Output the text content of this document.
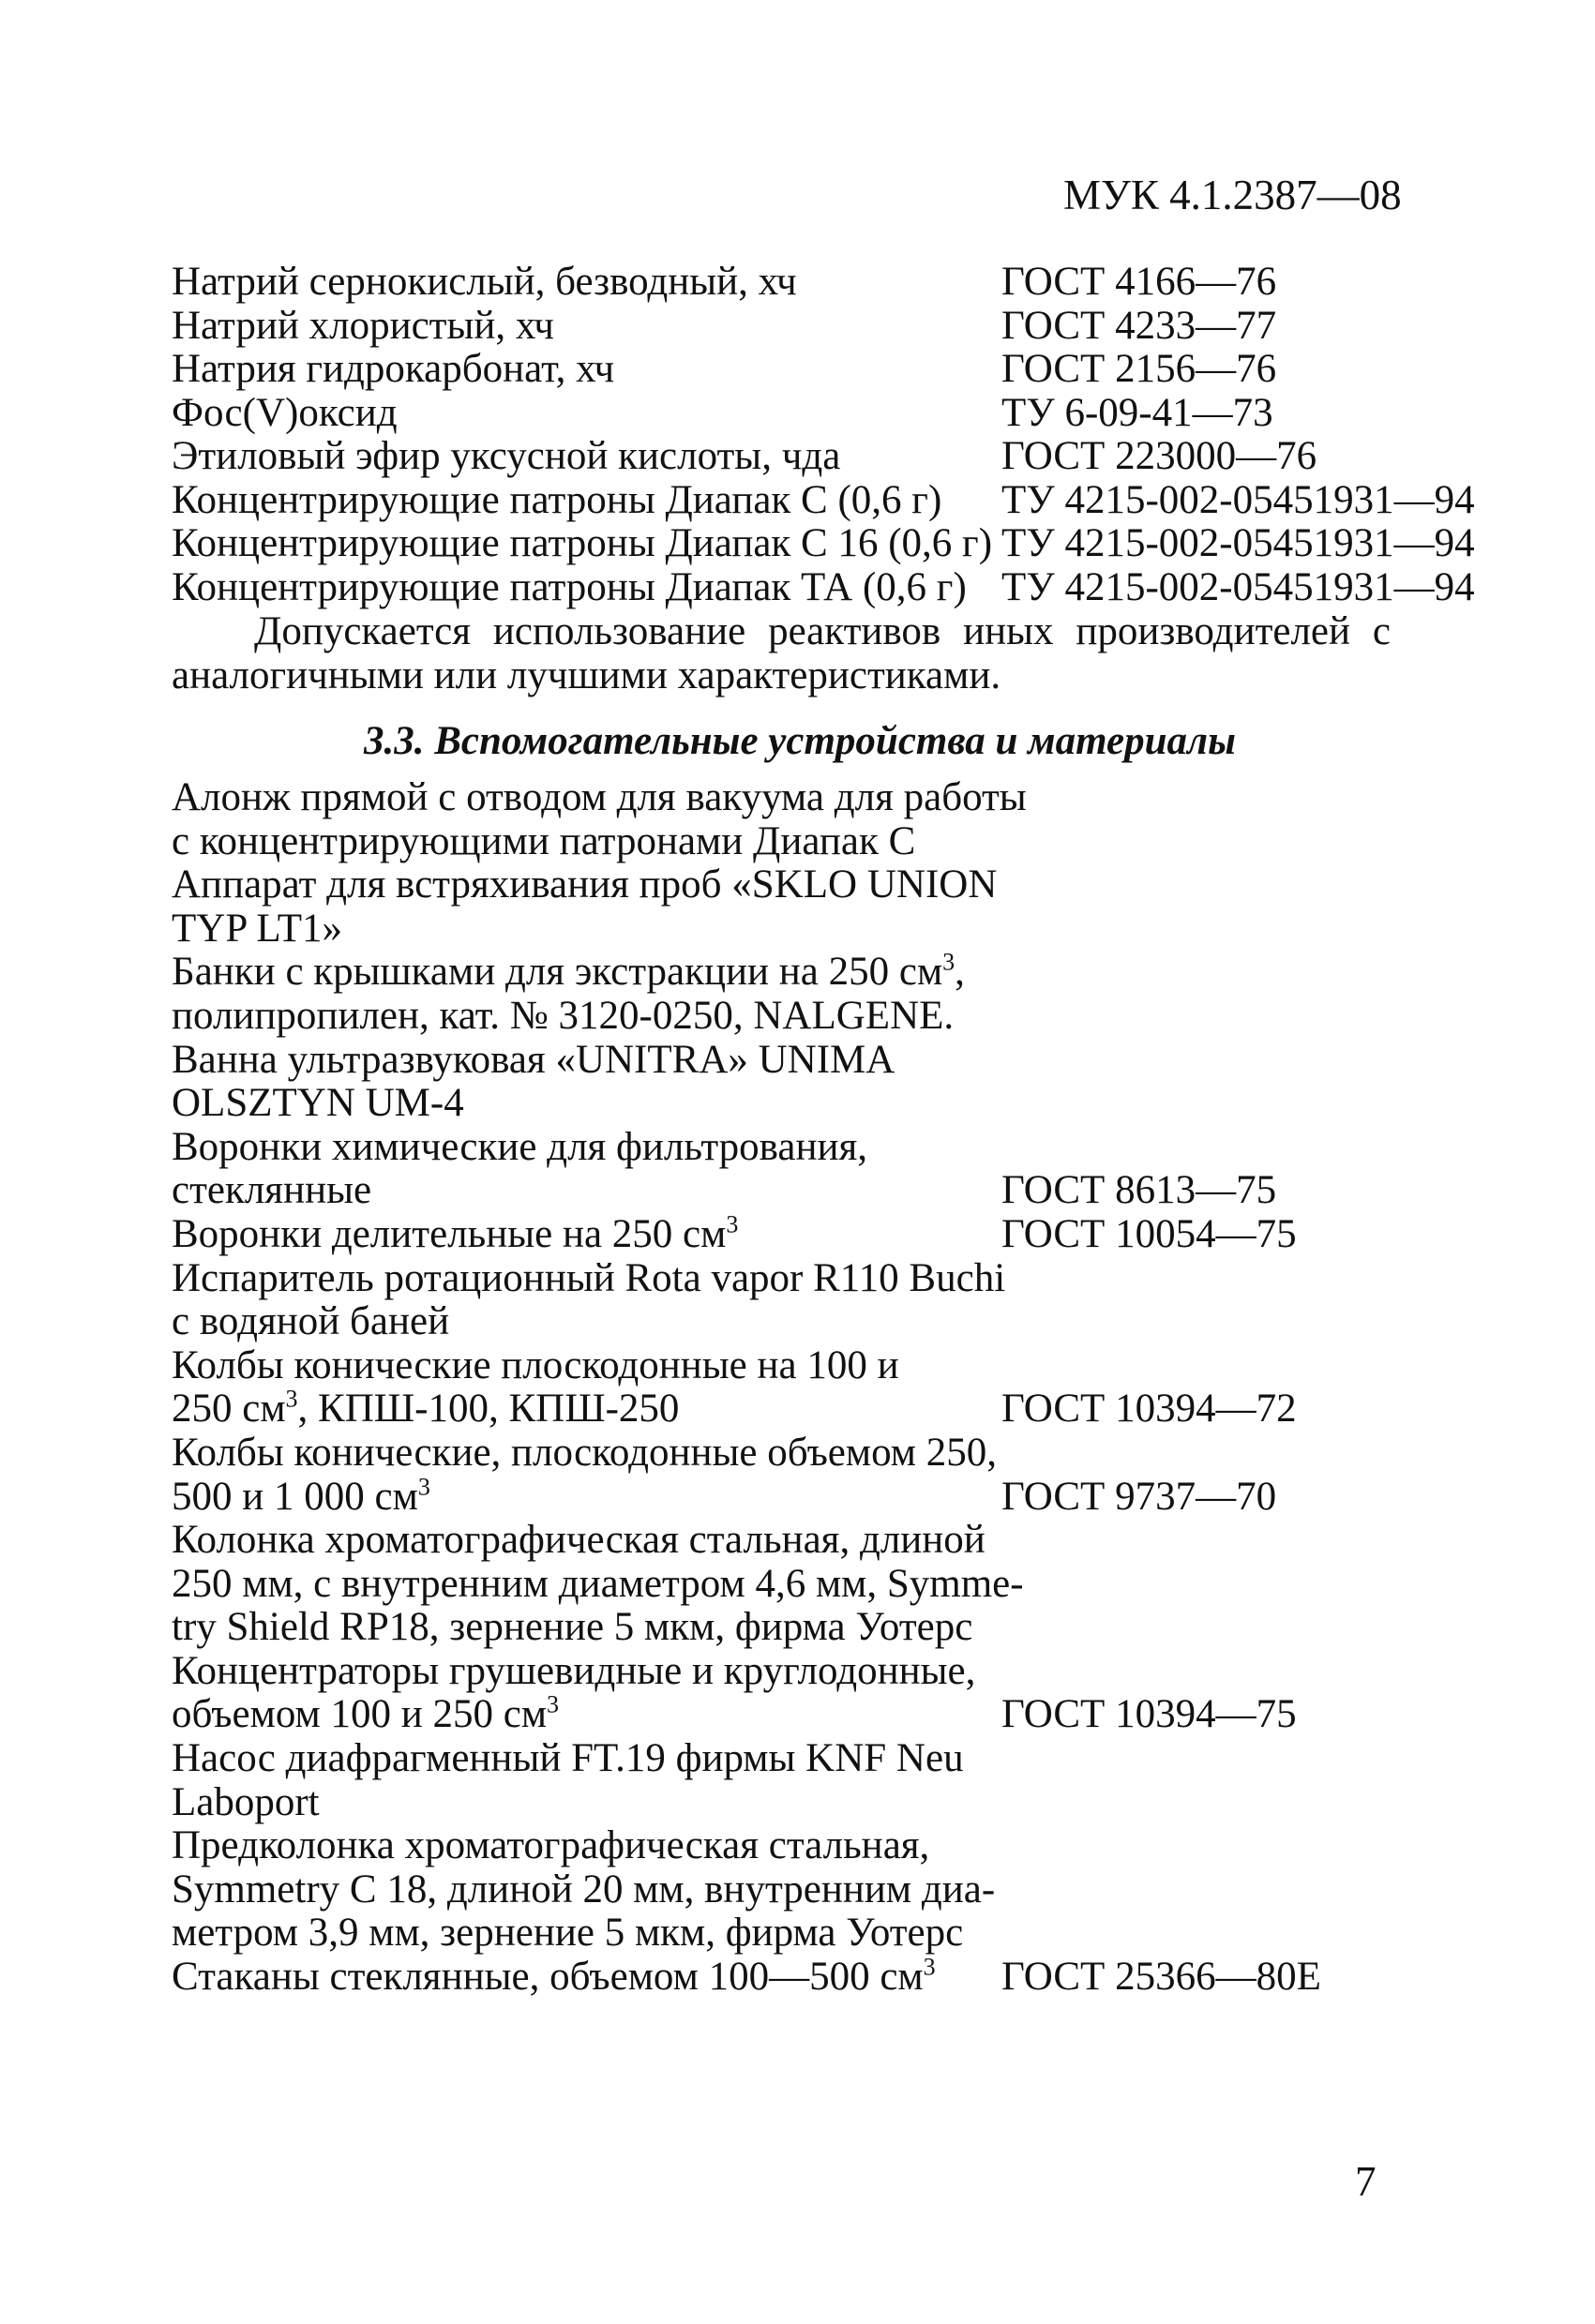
МУК 4.1.2387—08
Натрий сернокислый, безводный, хч	ГОСТ 4166—76
Натрий хлористый, хч	ГОСТ 4233—77
Натрия гидрокарбонат, хч	ГОСТ 2156—76
Фос(V)оксид	ТУ 6-09-41—73
Этиловый эфир уксусной кислоты, чда	ГОСТ 223000—76
Концентрирующие патроны Диапак С (0,6 г) ТУ 4215-002-05451931—94
Концентрирующие патроны Диапак С 16 (0,6 г) ТУ 4215-002-05451931—94
Концентрирующие патроны Диапак ТА (0,6 г) ТУ 4215-002-05451931—94

Допускается использование реактивов иных производителей с аналогичными или лучшими характеристиками.

3.3. Вспомогательные устройства и материалы
Алонж прямой с отводом для вакуума для работы
с концентрирующими патронами Диапак С
Аппарат для встряхивания проб «SKLO UNION
TYP LT1»
Банки с крышками для экстракции на 250 $см^3$,
полипропилен, кат. № 3120-0250, NALGENE.
Ванна ультразвуковая «UNITRA» UNIMA
OLSZTYN UM-4
Воронки химические для фильтрования,
стеклянные	ГОСТ 8613—75
Воронки делительные на 250 $см^3$	ГОСТ 10054—75
Испаритель ротационный Rota vapor R110 Buchi
с водяной баней
Колбы конические плоскодонные на 100 и
250 $см^3$, КПШ-100, КПШ-250	ГОСТ 10394—72
Колбы конические, плоскодонные объемом 250,
500 и 1 000 $см^3$	ГОСТ 9737—70
Колонка хроматографическая стальная, длиной
250 мм, с внутренним диаметром 4,6 мм, Symme-
try Shield RP18, зернение 5 мкм, фирма Уотерс
Концентраторы грушевидные и круглодонные,
объемом 100 и 250 $см^3$	ГОСТ 10394—75
Насос диафрагменный FT.19 фирмы KNF Neu
Laboport
Предколонка хроматографическая стальная,
Symmetry С 18, длиной 20 мм, внутренним диа-
метром 3,9 мм, зернение 5 мкм, фирма Уотерс
Стаканы стеклянные, объемом 100—500 $см^3$	ГОСТ 25366—80Е
7
